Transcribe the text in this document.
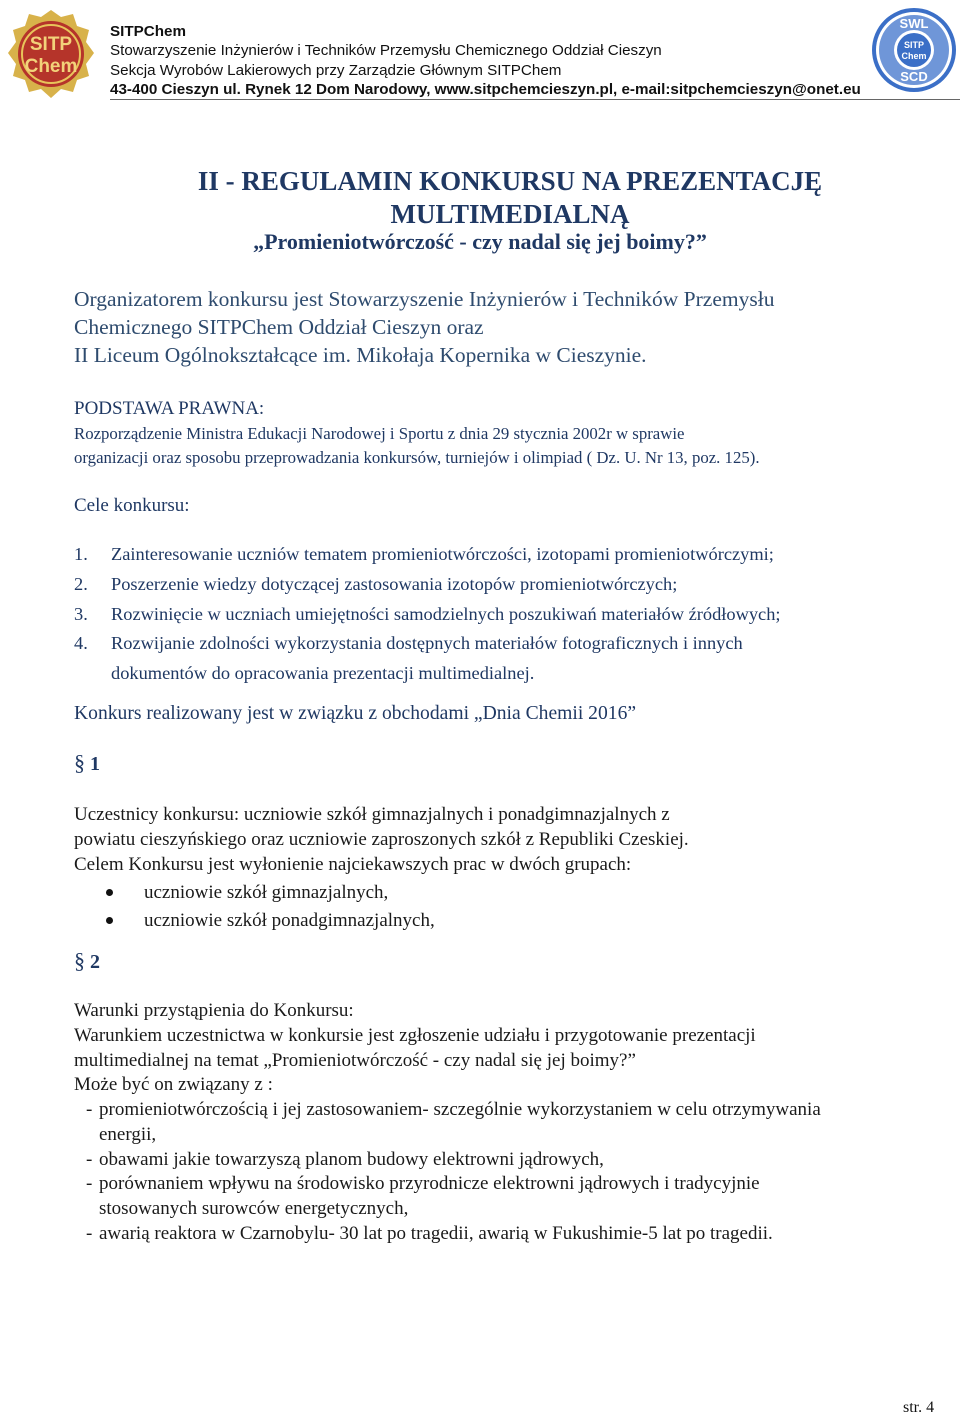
SITP
Chem
SITPChem
Stowarzyszenie Inżynierów i Techników Przemysłu Chemicznego Oddział Cieszyn
Sekcja Wyrobów Lakierowych przy Zarządzie Głównym SITPChem
43-400 Cieszyn ul. Rynek 12 Dom Narodowy, www.sitpchemcieszyn.pl, e-mail:sitpchemcieszyn@onet.eu
SWL
SITP
Chem
SCD
II - REGULAMIN KONKURSU NA PREZENTACJĘ
MULTIMEDIALNĄ
„Promieniotwórczość - czy nadal się jej boimy?”
Organizatorem konkursu jest Stowarzyszenie Inżynierów i Techników Przemysłu
Chemicznego SITPChem Oddział Cieszyn oraz
II Liceum Ogólnokształcące im. Mikołaja Kopernika w Cieszynie.
PODSTAWA PRAWNA:
Rozporządzenie Ministra Edukacji Narodowej i Sportu z dnia 29 stycznia 2002r w sprawie
organizacji oraz sposobu przeprowadzania konkursów, turniejów i olimpiad ( Dz. U. Nr 13, poz. 125).
Cele konkursu:
1. Zainteresowanie uczniów tematem promieniotwórczości, izotopami promieniotwórczymi;
2. Poszerzenie wiedzy dotyczącej zastosowania izotopów promieniotwórczych;
3. Rozwinięcie w uczniach umiejętności samodzielnych poszukiwań materiałów źródłowych;
4. Rozwijanie zdolności wykorzystania dostępnych materiałów fotograficznych i innych
dokumentów do opracowania prezentacji multimedialnej.
Konkurs realizowany jest w związku z obchodami „Dnia Chemii 2016”
§ 1
Uczestnicy konkursu: uczniowie szkół gimnazjalnych i ponadgimnazjalnych z
powiatu cieszyńskiego oraz uczniowie zaproszonych szkół z Republiki Czeskiej.
Celem Konkursu jest wyłonienie najciekawszych prac w dwóch grupach:
uczniowie szkół gimnazjalnych,
uczniowie szkół ponadgimnazjalnych,
§ 2
Warunki przystąpienia do Konkursu:
Warunkiem uczestnictwa w konkursie jest zgłoszenie udziału i przygotowanie prezentacji
multimedialnej na temat „Promieniotwórczość - czy nadal się jej boimy?”
Może być on związany z :
- promieniotwórczością i jej zastosowaniem- szczególnie wykorzystaniem w celu otrzymywania
energii,
- obawami jakie towarzyszą planom budowy elektrowni jądrowych,
- porównaniem wpływu na środowisko przyrodnicze elektrowni jądrowych i tradycyjnie
stosowanych surowców energetycznych,
- awarią reaktora w Czarnobylu- 30 lat po tragedii, awarią w Fukushimie-5 lat po tragedii.
str. 4
